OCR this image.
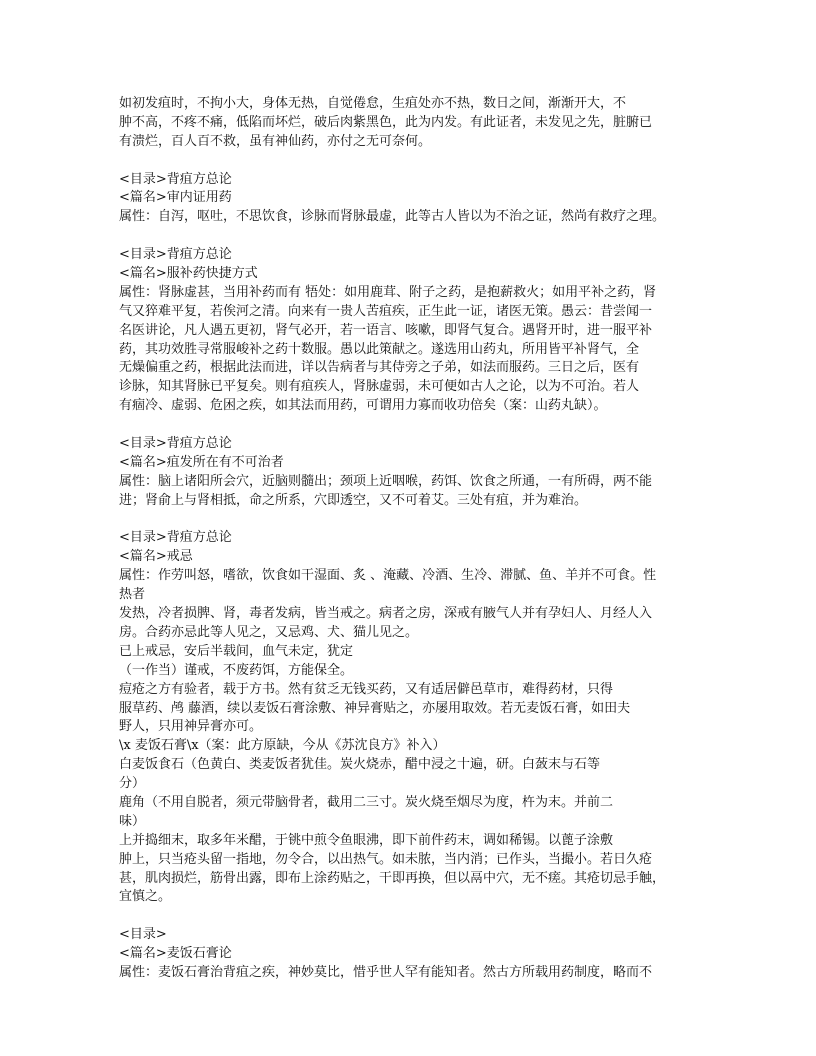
如初发疽时，不拘小大，身体无热，自觉倦怠，生疽处亦不热，数日之间，渐渐开大，不
肿不高，不疼不痛，低陷而坏烂，破后肉紫黑色，此为内发。有此证者，未发见之先，脏腑已
有溃烂，百人百不救，虽有神仙药，亦付之无可奈何。
<目录>背疽方总论
<篇名>审内证用药
属性：自泻，呕吐，不思饮食，诊脉而肾脉最虚，此等古人皆以为不治之证，然尚有救疗之理。
<目录>背疽方总论
<篇名>服补药快捷方式
属性：肾脉虚甚，当用补药而有 牾处：如用鹿茸、附子之药，是抱薪救火；如用平补之药，肾
气又猝难平复，若俟河之清。向来有一贵人苦疽疾，正生此一证，诸医无策。愚云：昔尝闻一
名医讲论，凡人遇五更初，肾气必开，若一语言、咳嗽，即肾气复合。遇肾开时，进一服平补
药，其功效胜寻常服峻补之药十数服。愚以此策献之。遂选用山药丸，所用皆平补肾气，全
无燥偏重之药，根据此法而进，详以告病者与其侍旁之子弟，如法而服药。三日之后，医有
诊脉，知其肾脉已平复矣。则有疽疾人，肾脉虚弱，未可便如古人之论，以为不可治。若人
有痼冷、虚弱、危困之疾，如其法而用药，可谓用力寡而收功倍矣（案：山药丸缺）。
<目录>背疽方总论
<篇名>疽发所在有不可治者
属性：脑上诸阳所会穴，近脑则髓出；颈项上近咽喉，药饵、饮食之所通，一有所碍，两不能
进；肾俞上与肾相抵，命之所系，穴即透空，又不可着艾。三处有疽，并为难治。
<目录>背疽方总论
<篇名>戒忌
属性：作劳叫怒，嗜欲，饮食如干湿面、炙 、淹藏、冷酒、生冷、滞腻、鱼、羊并不可食。性
热者
发热，冷者损脾、肾，毒者发病，皆当戒之。病者之房，深戒有腋气人并有孕妇人、月经人入
房。合药亦忌此等人见之，又忌鸡、犬、猫儿见之。
已上戒忌，安后半载间，血气未定，犹定
（一作当）谨戒，不废药饵，方能保全。
痘疮之方有验者，载于方书。然有贫乏无钱买药，又有适居僻邑草市，难得药材，只得
服草药、鸬 藤酒，续以麦饭石膏涂敷、神异膏贴之，亦屡用取效。若无麦饭石膏，如田夫
野人，只用神异膏亦可。
\x 麦饭石膏\x（案：此方原缺，今从《苏沈良方》补入）
白麦饭食石（色黄白、类麦饭者犹佳。炭火烧赤，醋中浸之十遍，研。白蔹末与石等
分）
鹿角（不用自脱者，须元带脑骨者，截用二三寸。炭火烧至烟尽为度，杵为末。并前二
味）
上并捣细末，取多年米醋，于铫中煎令鱼眼沸，即下前件药末，调如稀锡。以蓖子涂敷
肿上，只当疮头留一指地，勿令合，以出热气。如未脓，当内消；已作头，当撮小。若日久疮
甚，肌肉损烂，筋骨出露，即布上涂药贴之，干即再换，但以鬲中穴，无不瘥。其疮切忌手触，
宜慎之。
<目录>
<篇名>麦饭石膏论
属性：麦饭石膏治背疽之疾，神妙莫比，惜乎世人罕有能知者。然古方所载用药制度，略而不
